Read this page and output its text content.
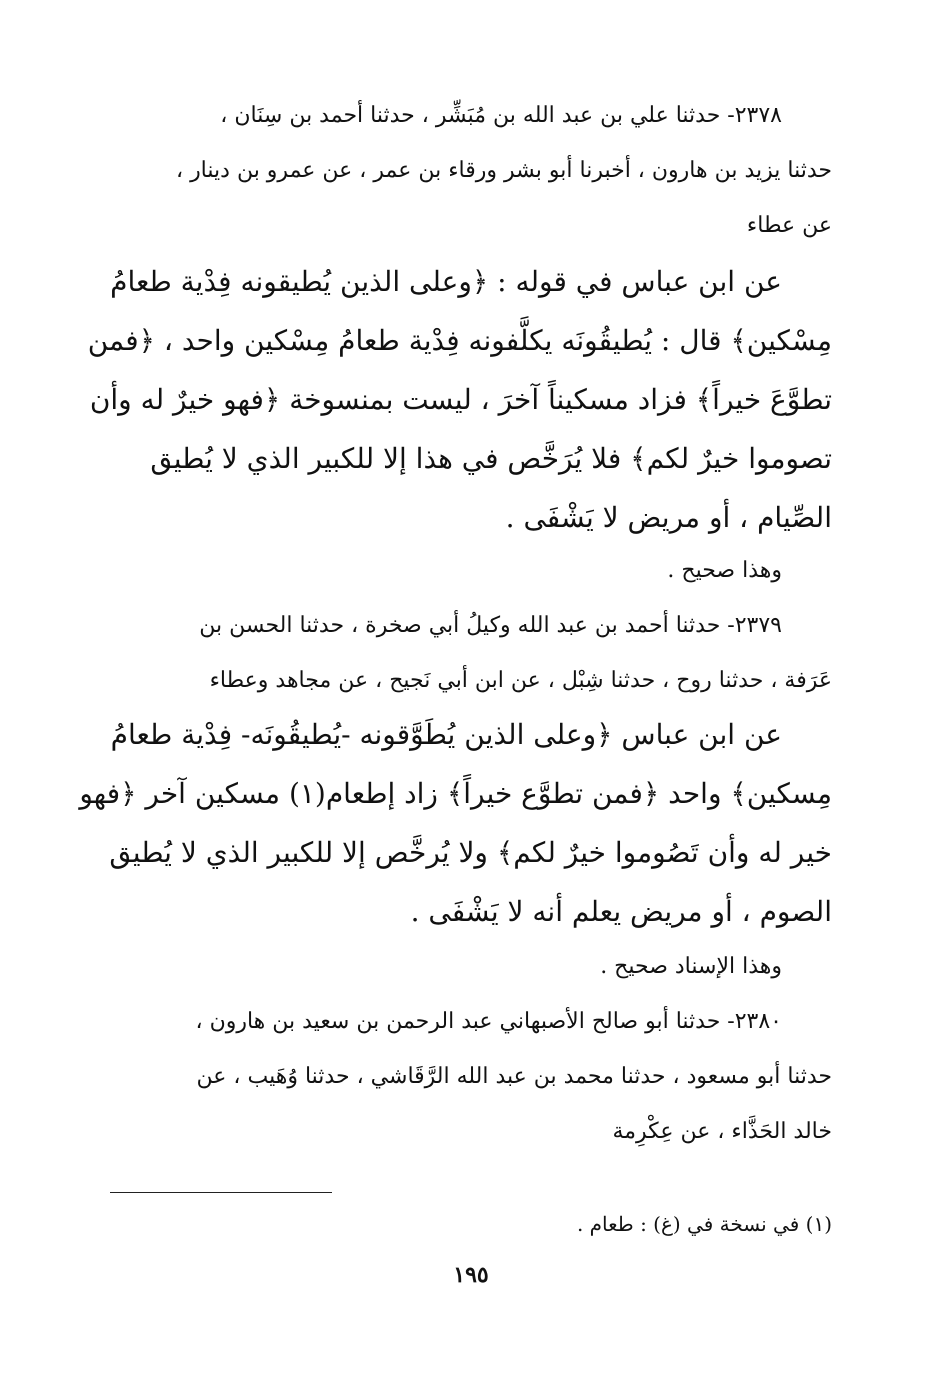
٢٣٧٨- حدثنا علي بن عبد الله بن مُبَشِّر ، حدثنا أحمد بن سِنَان ،
حدثنا يزيد بن هارون ، أخبرنا أبو بشر ورقاء بن عمر ، عن عمرو بن دينار ،
عن عطاء
عن ابن عباس في قوله : ﴿وعلى الذين يُطيقونه فِدْية طعامُ
مِسْكين﴾ قال : يُطيقُونَه يكلَّفونه فِدْية طعامُ مِسْكين واحد ، ﴿فمن
تطوَّعَ خيراً﴾ فزاد مسكيناً آخرَ ، ليست بمنسوخة ﴿فهو خيرٌ له وأن
تصوموا خيرٌ لكم﴾ فلا يُرَخَّص في هذا إلا للكبير الذي لا يُطيق
الصِّيام ، أو مريض لا يَشْفَى .
وهذا صحيح .
٢٣٧٩- حدثنا أحمد بن عبد الله وكيلُ أبي صخرة ، حدثنا الحسن بن
عَرَفة ، حدثنا روح ، حدثنا شِبْل ، عن ابن أبي نَجيح ، عن مجاهد وعطاء
عن ابن عباس ﴿وعلى الذين يُطَوَّقونه -يُطيقُونَه- فِدْية طعامُ
مِسكين﴾ واحد ﴿فمن تطوَّع خيراً﴾ زاد إطعام(١) مسكين آخر ﴿فهو
خير له وأن تَصُوموا خيرٌ لكم﴾ ولا يُرخَّص إلا للكبير الذي لا يُطيق
الصوم ، أو مريض يعلم أنه لا يَشْفَى .
وهذا الإسناد صحيح .
٢٣٨٠- حدثنا أبو صالح الأصبهاني عبد الرحمن بن سعيد بن هارون ،
حدثنا أبو مسعود ، حدثنا محمد بن عبد الله الرَّقَاشي ، حدثنا وُهَيب ، عن
خالد الحَذَّاء ، عن عِكْرِمة
(١) في نسخة في (غ) : طعام .
١٩٥
